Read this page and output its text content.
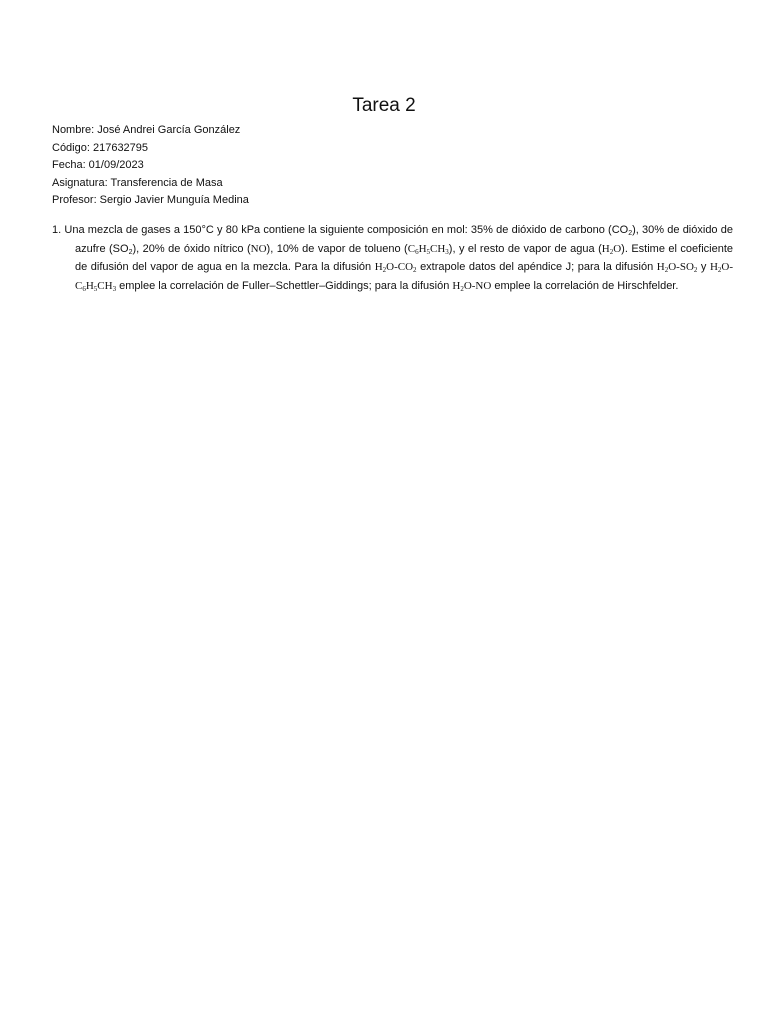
Tarea 2
Nombre: José Andrei García González
Código: 217632795
Fecha: 01/09/2023
Asignatura: Transferencia de Masa
Profesor: Sergio Javier Munguía Medina
1. Una mezcla de gases a 150°C y 80 kPa contiene la siguiente composición en mol: 35% de dióxido de carbono $(CO_2)$, 30% de dióxido de azufre $(SO_2)$, 20% de óxido nítrico (NO), 10% de vapor de tolueno $(C_6H_5CH_3)$, y el resto de vapor de agua $(H_2O)$. Estime el coeficiente de difusión del vapor de agua en la mezcla. Para la difusión $H_2O-CO_2$ extrapole datos del apéndice J; para la difusión $H_2O-SO_2$ y $H_2O-C_6H_5CH_3$ emplee la correlación de Fuller–Schettler–Giddings; para la difusión $H_2O-NO$ emplee la correlación de Hirschfelder.
